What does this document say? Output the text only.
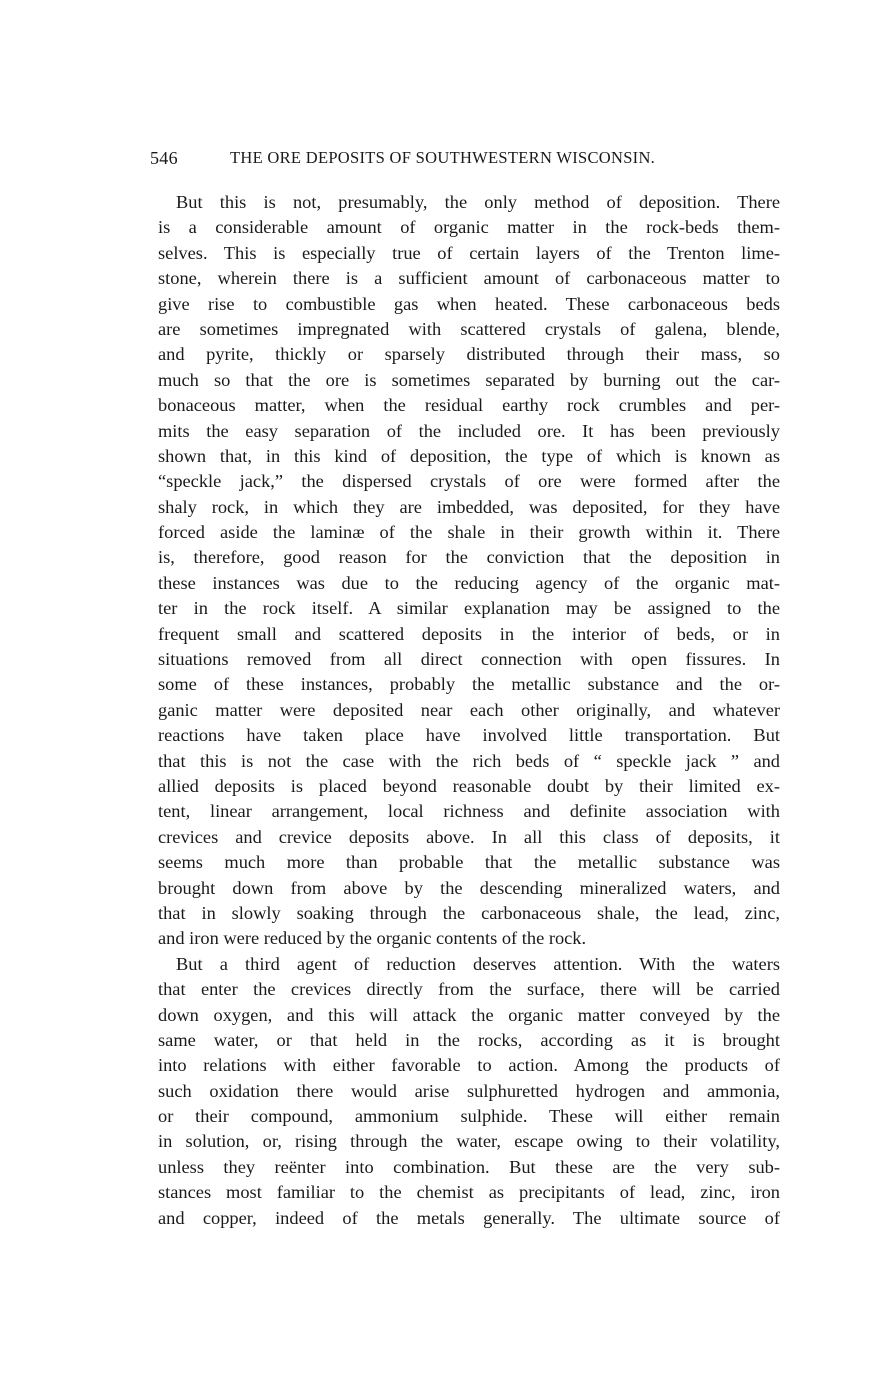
546	THE ORE DEPOSITS OF SOUTHWESTERN WISCONSIN.
But this is not, presumably, the only method of deposition. There
is a considerable amount of organic matter in the rock-beds them-
selves. This is especially true of certain layers of the Trenton lime-
stone, wherein there is a sufficient amount of carbonaceous matter to
give rise to combustible gas when heated. These carbonaceous beds
are sometimes impregnated with scattered crystals of galena, blende,
and pyrite, thickly or sparsely distributed through their mass, so
much so that the ore is sometimes separated by burning out the car-
bonaceous matter, when the residual earthy rock crumbles and per-
mits the easy separation of the included ore. It has been previously
shown that, in this kind of deposition, the type of which is known as
“speckle jack,” the dispersed crystals of ore were formed after the
shaly rock, in which they are imbedded, was deposited, for they have
forced aside the laminæ of the shale in their growth within it. There
is, therefore, good reason for the conviction that the deposition in
these instances was due to the reducing agency of the organic mat-
ter in the rock itself. A similar explanation may be assigned to the
frequent small and scattered deposits in the interior of beds, or in
situations removed from all direct connection with open fissures. In
some of these instances, probably the metallic substance and the or-
ganic matter were deposited near each other originally, and whatever
reactions have taken place have involved little transportation. But
that this is not the case with the rich beds of “ speckle jack ” and
allied deposits is placed beyond reasonable doubt by their limited ex-
tent, linear arrangement, local richness and definite association with
crevices and crevice deposits above. In all this class of deposits, it
seems much more than probable that the metallic substance was
brought down from above by the descending mineralized waters, and
that in slowly soaking through the carbonaceous shale, the lead, zinc,
and iron were reduced by the organic contents of the rock.
But a third agent of reduction deserves attention. With the waters
that enter the crevices directly from the surface, there will be carried
down oxygen, and this will attack the organic matter conveyed by the
same water, or that held in the rocks, according as it is brought
into relations with either favorable to action. Among the products of
such oxidation there would arise sulphuretted hydrogen and ammonia,
or their compound, ammonium sulphide. These will either remain
in solution, or, rising through the water, escape owing to their volatility,
unless they reënter into combination. But these are the very sub-
stances most familiar to the chemist as precipitants of lead, zinc, iron
and copper, indeed of the metals generally. The ultimate source of
